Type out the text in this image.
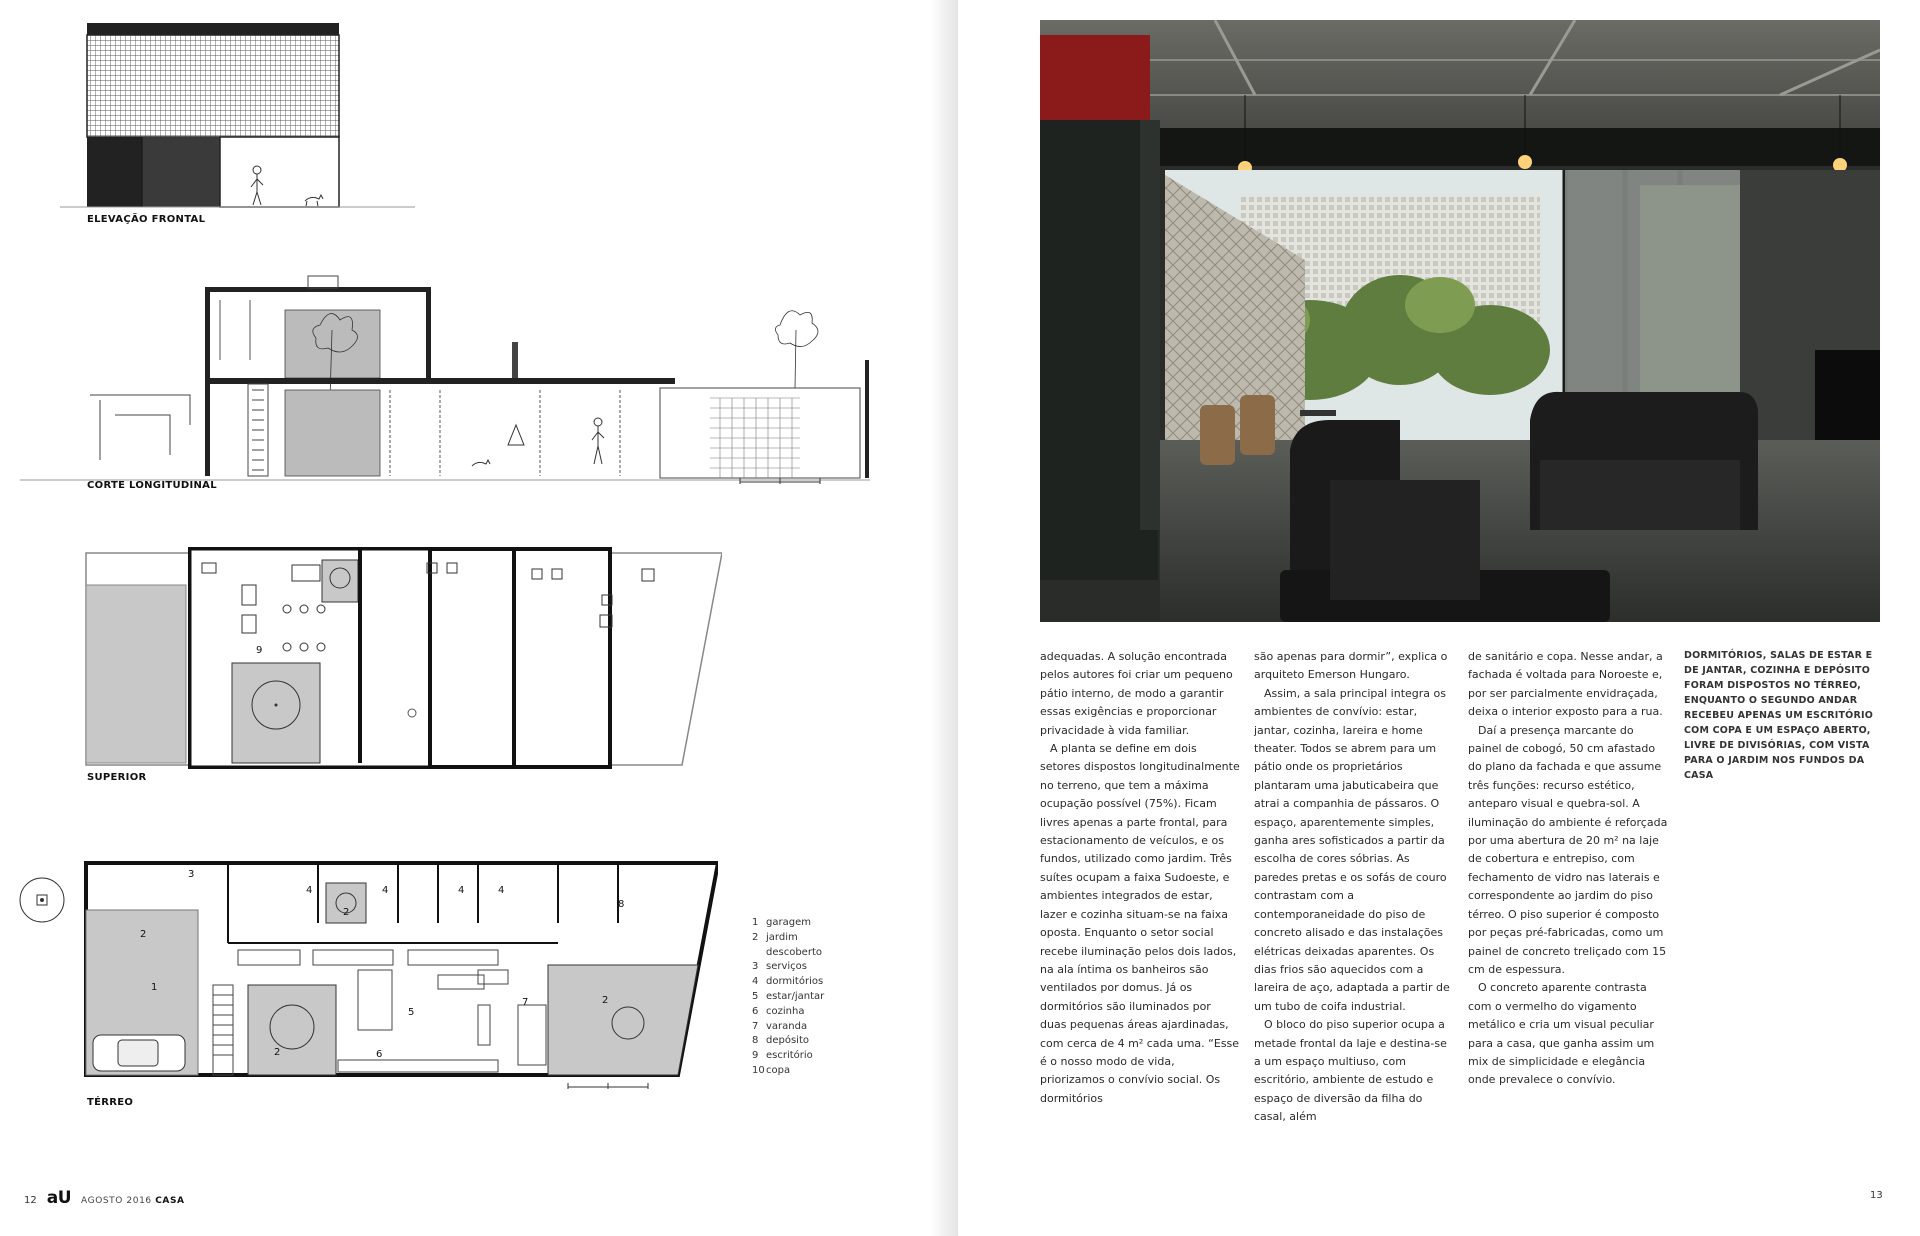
ELEVAÇÃO FRONTAL
CORTE LONGITUDINAL
9
SUPERIOR
1
2
3
4
2
4	4	4
5
6
2
7	2
8
TÉRREO
1 garagem
2 jardim descoberto
3 serviços
4 dormitórios
5 estar/jantar
6 cozinha
7 varanda
8 depósito
9 escritório
10 copa
12 aU AGOSTO 2016 CASA

adequadas. A solução encontrada pelos autores foi criar um pequeno pátio interno, de modo a garantir essas exigências e proporcionar privacidade à vida familiar.

A planta se define em dois setores dispostos longitudinalmente no terreno, que tem a máxima ocupação possível (75%). Ficam livres apenas a parte frontal, para estacionamento de veículos, e os fundos, utilizado como jardim. Três suítes ocupam a faixa Sudoeste, e ambientes integrados de estar, lazer e cozinha situam-se na faixa oposta. Enquanto o setor social recebe iluminação pelos dois lados, na ala íntima os banheiros são ventilados por domus. Já os dormitórios são iluminados por duas pequenas áreas ajardinadas, com cerca de 4 m² cada uma. “Esse é o nosso modo de vida, priorizamos o convívio social. Os dormitórios

são apenas para dormir”, explica o arquiteto Emerson Hungaro.

Assim, a sala principal integra os ambientes de convívio: estar, jantar, cozinha, lareira e home theater. Todos se abrem para um pátio onde os proprietários plantaram uma jabuticabeira que atrai a companhia de pássaros. O espaço, aparentemente simples, ganha ares sofisticados a partir da escolha de cores sóbrias. As paredes pretas e os sofás de couro contrastam com a contemporaneidade do piso de concreto alisado e das instalações elétricas deixadas aparentes. Os dias frios são aquecidos com a lareira de aço, adaptada a partir de um tubo de coifa industrial.

O bloco do piso superior ocupa a metade frontal da laje e destina-se a um espaço multiuso, com escritório, ambiente de estudo e espaço de diversão da filha do casal, além

de sanitário e copa. Nesse andar, a fachada é voltada para Noroeste e, por ser parcialmente envidraçada, deixa o interior exposto para a rua.

Daí a presença marcante do painel de cobogó, 50 cm afastado do plano da fachada e que assume três funções: recurso estético, anteparo visual e quebra-sol. A iluminação do ambiente é reforçada por uma abertura de 20 m² na laje de cobertura e entrepiso, com fechamento de vidro nas laterais e correspondente ao jardim do piso térreo. O piso superior é composto por peças pré-fabricadas, como um painel de concreto treliçado com 15 cm de espessura.

O concreto aparente contrasta com o vermelho do vigamento metálico e cria um visual peculiar para a casa, que ganha assim um mix de simplicidade e elegância onde prevalece o convívio.

DORMITÓRIOS, SALAS DE ESTAR E DE JANTAR, COZINHA E DEPÓSITO FORAM DISPOSTOS NO TÉRREO, ENQUANTO O SEGUNDO ANDAR RECEBEU APENAS UM ESCRITÓRIO COM COPA E UM ESPAÇO ABERTO, LIVRE DE DIVISÓRIAS, COM VISTA PARA O JARDIM NOS FUNDOS DA CASA
13
